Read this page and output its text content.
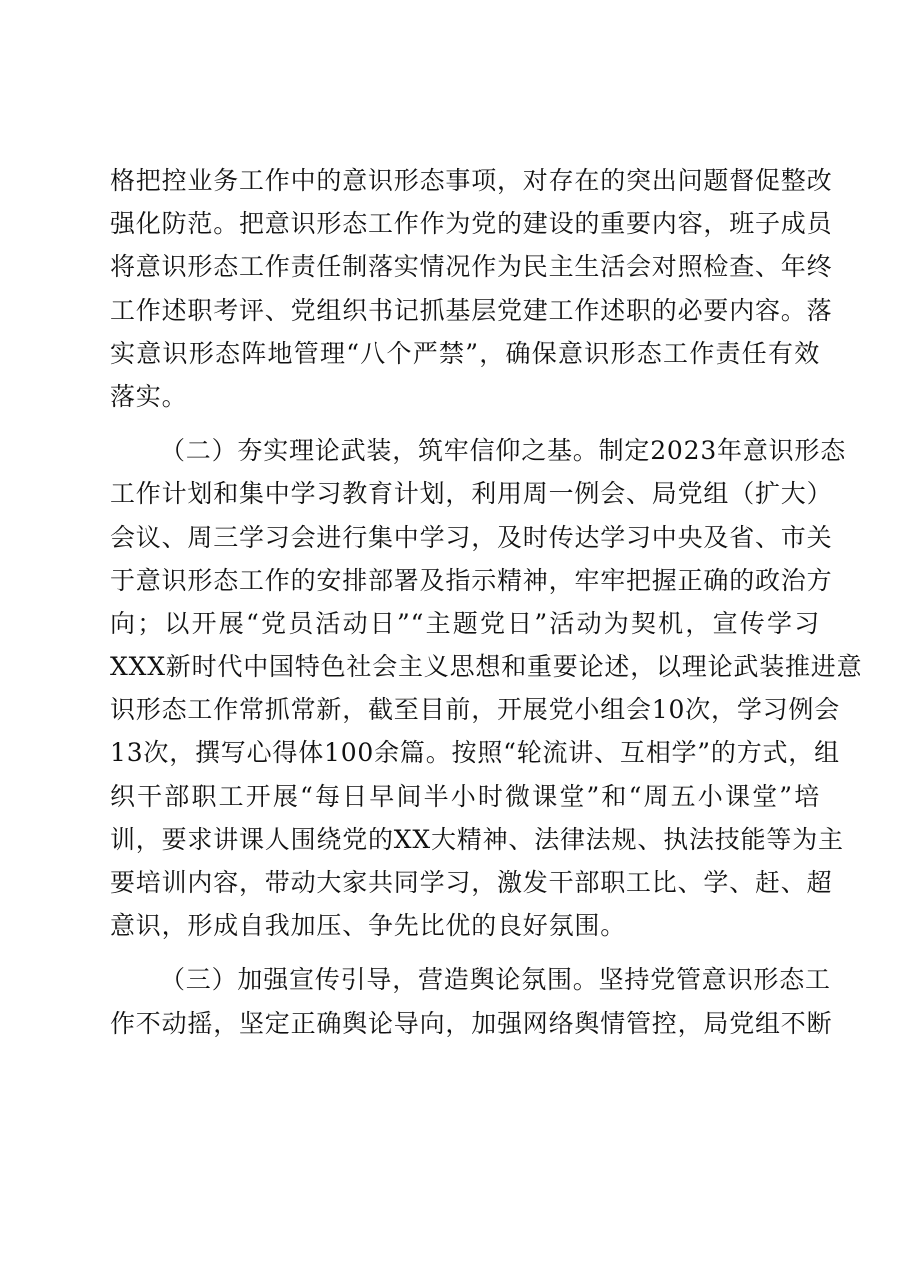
格把控业务工作中的意识形态事项，对存在的突出问题督促整改
强化防范。把意识形态工作作为党的建设的重要内容，班子成员
将意识形态工作责任制落实情况作为民主生活会对照检查、年终
工作述职考评、党组织书记抓基层党建工作述职的必要内容。落
实意识形态阵地管理“八个严禁”，确保意识形态工作责任有效
落实。
（二）夯实理论武装，筑牢信仰之基。制定2023年意识形态
工作计划和集中学习教育计划，利用周一例会、局党组（扩大）
会议、周三学习会进行集中学习，及时传达学习中央及省、市关
于意识形态工作的安排部署及指示精神，牢牢把握正确的政治方
向；以开展“党员活动日”“主题党日”活动为契机，宣传学习
XXX新时代中国特色社会主义思想和重要论述，以理论武装推进意
识形态工作常抓常新，截至目前，开展党小组会10次，学习例会
13次，撰写心得体100余篇。按照“轮流讲、互相学”的方式，组
织干部职工开展“每日早间半小时微课堂”和“周五小课堂”培
训，要求讲课人围绕党的XX大精神、法律法规、执法技能等为主
要培训内容，带动大家共同学习，激发干部职工比、学、赶、超
意识，形成自我加压、争先比优的良好氛围。
（三）加强宣传引导，营造舆论氛围。坚持党管意识形态工
作不动摇，坚定正确舆论导向，加强网络舆情管控，局党组不断
